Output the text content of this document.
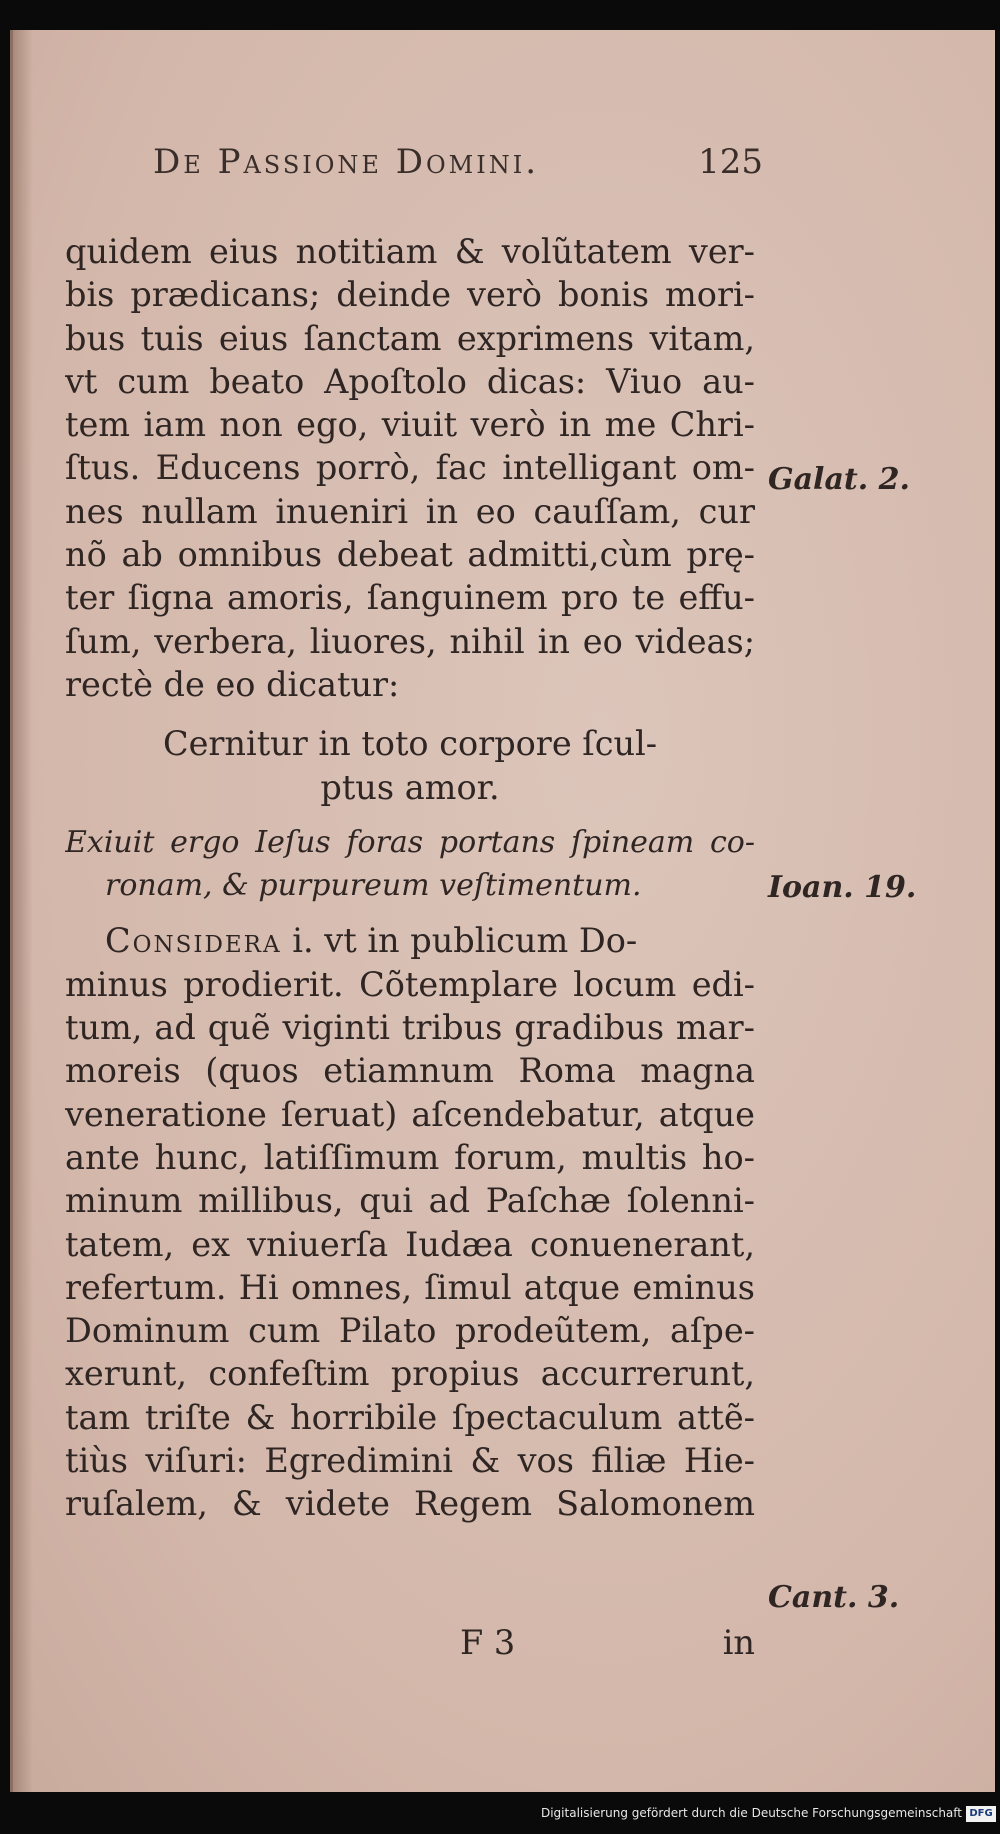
De Passione Domini.	125
quidem eius notitiam & volũtatem ver-
bis prædicans; deinde verò bonis mori-
bus tuis eius ſanctam exprimens vitam,
vt cum beato Apoſtolo dicas: Viuo au-
tem iam non ego, viuit verò in me Chri-
ſtus. Educens porrò, fac intelligant om-
nes nullam inueniri in eo cauſſam, cur
nõ ab omnibus debeat admitti,cùm prę-
ter ſigna amoris, ſanguinem pro te effu-
ſum, verbera, liuores, nihil in eo videas;
rectè de eo dicatur:
Cernitur in toto corpore ſcul-
ptus amor.
Exiuit ergo Ieſus foras portans ſpineam co-
ronam, & purpureum veſtimentum.
Considera i. vt in publicum Do-
minus prodierit. Cõtemplare locum edi-
tum, ad quẽ viginti tribus gradibus mar-
moreis (quos etiamnum Roma magna
veneratione ſeruat) aſcendebatur, atque
ante hunc, latiſſimum forum, multis ho-
minum millibus, qui ad Paſchæ ſolenni-
tatem, ex vniuerſa Iudæa conuenerant,
refertum. Hi omnes, ſimul atque eminus
Dominum cum Pilato prodeũtem, aſpe-
xerunt, confeſtim propius accurrerunt,
tam triſte & horribile ſpectaculum attẽ-
tiùs viſuri: Egredimini & vos filiæ Hie-
ruſalem, & videte Regem Salomonem
Galat. 2.
Ioan. 19.
Cant. 3.
F 3	in
Digitalisierung gefördert durch die Deutsche Forschungsgemeinschaft DFG
